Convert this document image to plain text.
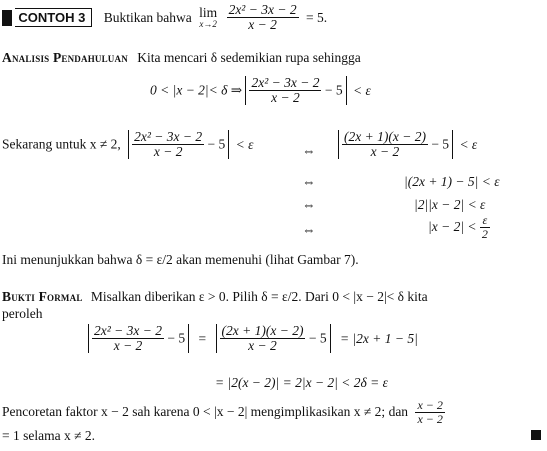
CONTOH 3 Buktikan bahwa lim
x→2
$\frac{\text{2x² − 3x − 2}}{x - 2} = 5$.
Analisis Pendahuluan Kita mencari δ sedemikian rupa sehingga
0 < |x − 2|< δ ⇒ $\frac{\text{2x² − 3x − 2}}{x - 2} - 5 < \varepsilon$
Sekarang untuk x ≠ 2, $\frac{\text{2x² − 3x − 2}}{x - 2} - 5 < \varepsilon$	⇔ $\frac{(2x + 1)(x - 2)}{x - 2} - 5 < \varepsilon$
⇔	|(2x + 1) − 5| < ε
⇔	|2||x − 2| < ε
⇔	$|x - 2| < \frac{\varepsilon}{2}$
Ini menunjukkan bahwa δ = ε/2 akan memenuhi (lihat Gambar 7).
Bukti Formal Misalkan diberikan ε > 0. Pilih δ = ε/2. Dari 0 < |x − 2|< δ kita
peroleh
$\frac{\text{2x² − 3x − 2}}{x - 2} - 5 = \frac{(2x + 1)(x - 2)}{x - 2} - 5 = |2x + 1 - 5|$
= |2(x − 2)| = 2|x − 2| < 2δ = ε
Pencoretan faktor x − 2 sah karena 0 < |x − 2| mengimplikasikan x ≠ 2; dan $\frac{x - 2}{x - 2}$
= 1 selama x ≠ 2.
